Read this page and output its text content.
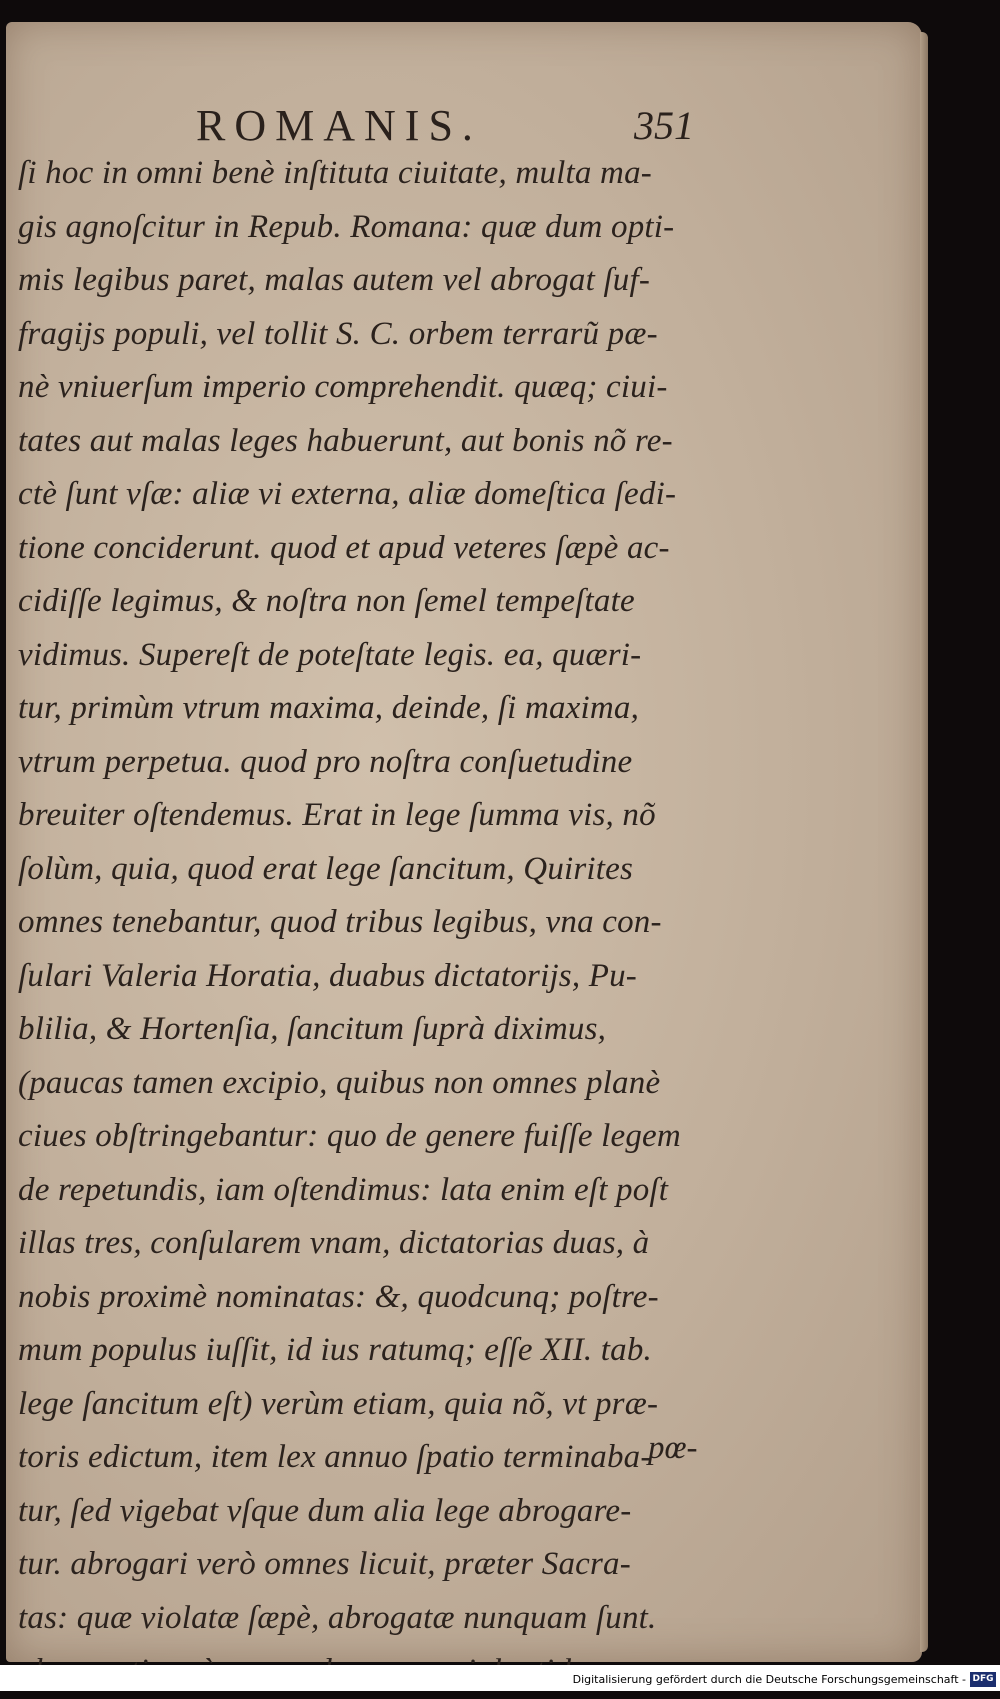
ROMANIS.	351
ſi hoc in omni benè inſtituta ciuitate, multa ma-
gis agnoſcitur in Repub. Romana: quæ dum opti-
mis legibus paret, malas autem vel abrogat ſuf-
fragijs populi, vel tollit S. C. orbem terrarũ pæ-
nè vniuerſum imperio comprehendit. quæq; ciui-
tates aut malas leges habuerunt, aut bonis nõ re-
ctè ſunt vſæ: aliæ vi externa, aliæ domeſtica ſedi-
tione conciderunt. quod et apud veteres ſæpè ac-
cidiſſe legimus, & noſtra non ſemel tempeſtate
vidimus. Supereſt de poteſtate legis. ea, quæri-
tur, primùm vtrum maxima, deinde, ſi maxima,
vtrum perpetua. quod pro noſtra conſuetudine
breuiter oſtendemus. Erat in lege ſumma vis, nõ
ſolùm, quia, quod erat lege ſancitum, Quirites
omnes tenebantur, quod tribus legibus, vna con-
ſulari Valeria Horatia, duabus dictatorijs, Pu-
blilia, & Hortenſia, ſancitum ſuprà diximus,
(paucas tamen excipio, quibus non omnes planè
ciues obſtringebantur: quo de genere fuiſſe legem
de repetundis, iam oſtendimus: lata enim eſt poſt
illas tres, conſularem vnam, dictatorias duas, à
nobis proximè nominatas: &, quodcunq; poſtre-
mum populus iuſſit, id ius ratumq; eſſe XII. tab.
lege ſancitum eſt) verùm etiam, quia nõ, vt præ-
toris edictum, item lex annuo ſpatio terminaba-
tur, ſed vigebat vſque dum alia lege abrogare-
tur. abrogari verò omnes licuit, præter Sacra-
tas: quæ violatæ ſæpè, abrogatæ nunquam ſunt.
pœ-
Digitalisierung gefördert durch die Deutsche Forschungsgemeinschaft - DFG
